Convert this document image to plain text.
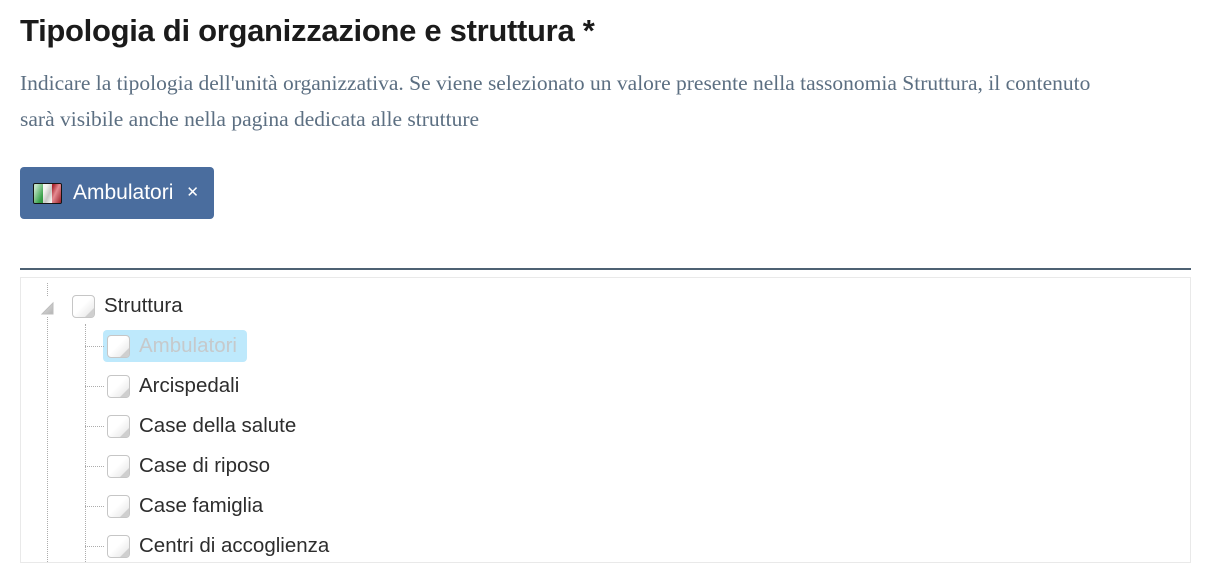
Tipologia di organizzazione e struttura *

Indicare la tipologia dell'unità organizzativa. Se viene selezionato un valore presente nella tassonomia Struttura, il contenuto sarà visibile anche nella pagina dedicata alle strutture

Ambulatori ✕
Struttura
Ambulatori
Arcispedali
Case della salute
Case di riposo
Case famiglia
Centri di accoglienza
